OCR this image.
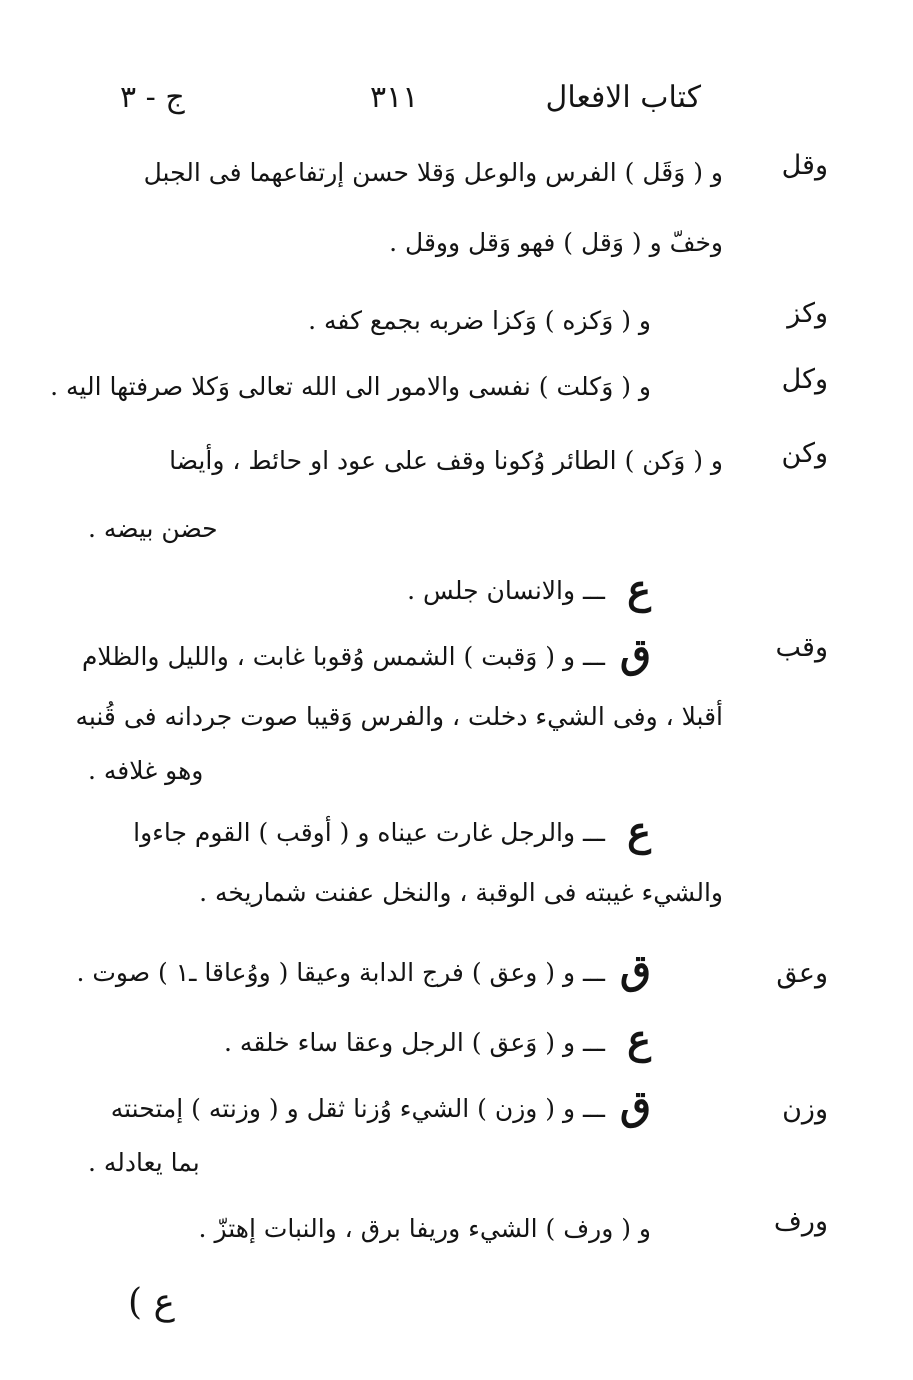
كتاب الافعال
٣١١
ج - ٣
وقل
و ( وَقَل ) الفرس والوعل وَقلا حسن إرتفاعهما فى الجبل
وخفّ و ( وَقل ) فهو وَقل ووقل .
وكز
و ( وَكزه ) وَكزا ضربه بجمع كفه .
وكل
و ( وَكلت ) نفسى والامور الى الله تعالى وَكلا صرفتها اليه .
وكن
و ( وَكن ) الطائر وُكونا وقف على عود او حائط ، وأيضا
حضن بيضه .
ع
ـــ والانسان جلس .
وقب
ق
ـــ و ( وَقبت ) الشمس وُقوبا غابت ، والليل والظلام
أقبلا ، وفى الشيء دخلت ، والفرس وَقيبا صوت جردانه فى قُنبه
وهو غلافه .
ع
ـــ والرجل غارت عيناه و ( أوقب ) القوم جاءوا
والشيء غيبته فى الوقبة ، والنخل عفنت شماريخه .
وعق
ق
ـــ و ( وعق ) فرج الدابة وعيقا ( ووُعاقا ـ١ ) صوت .
ع
ـــ و ( وَعق ) الرجل وعقا ساء خلقه .
وزن
ق
ـــ و ( وزن ) الشيء وُزنا ثقل و ( وزنته ) إمتحنته
بما يعادله .
ورف
و ( ورف ) الشيء وريفا برق ، والنبات إهتزّ .
ع )
